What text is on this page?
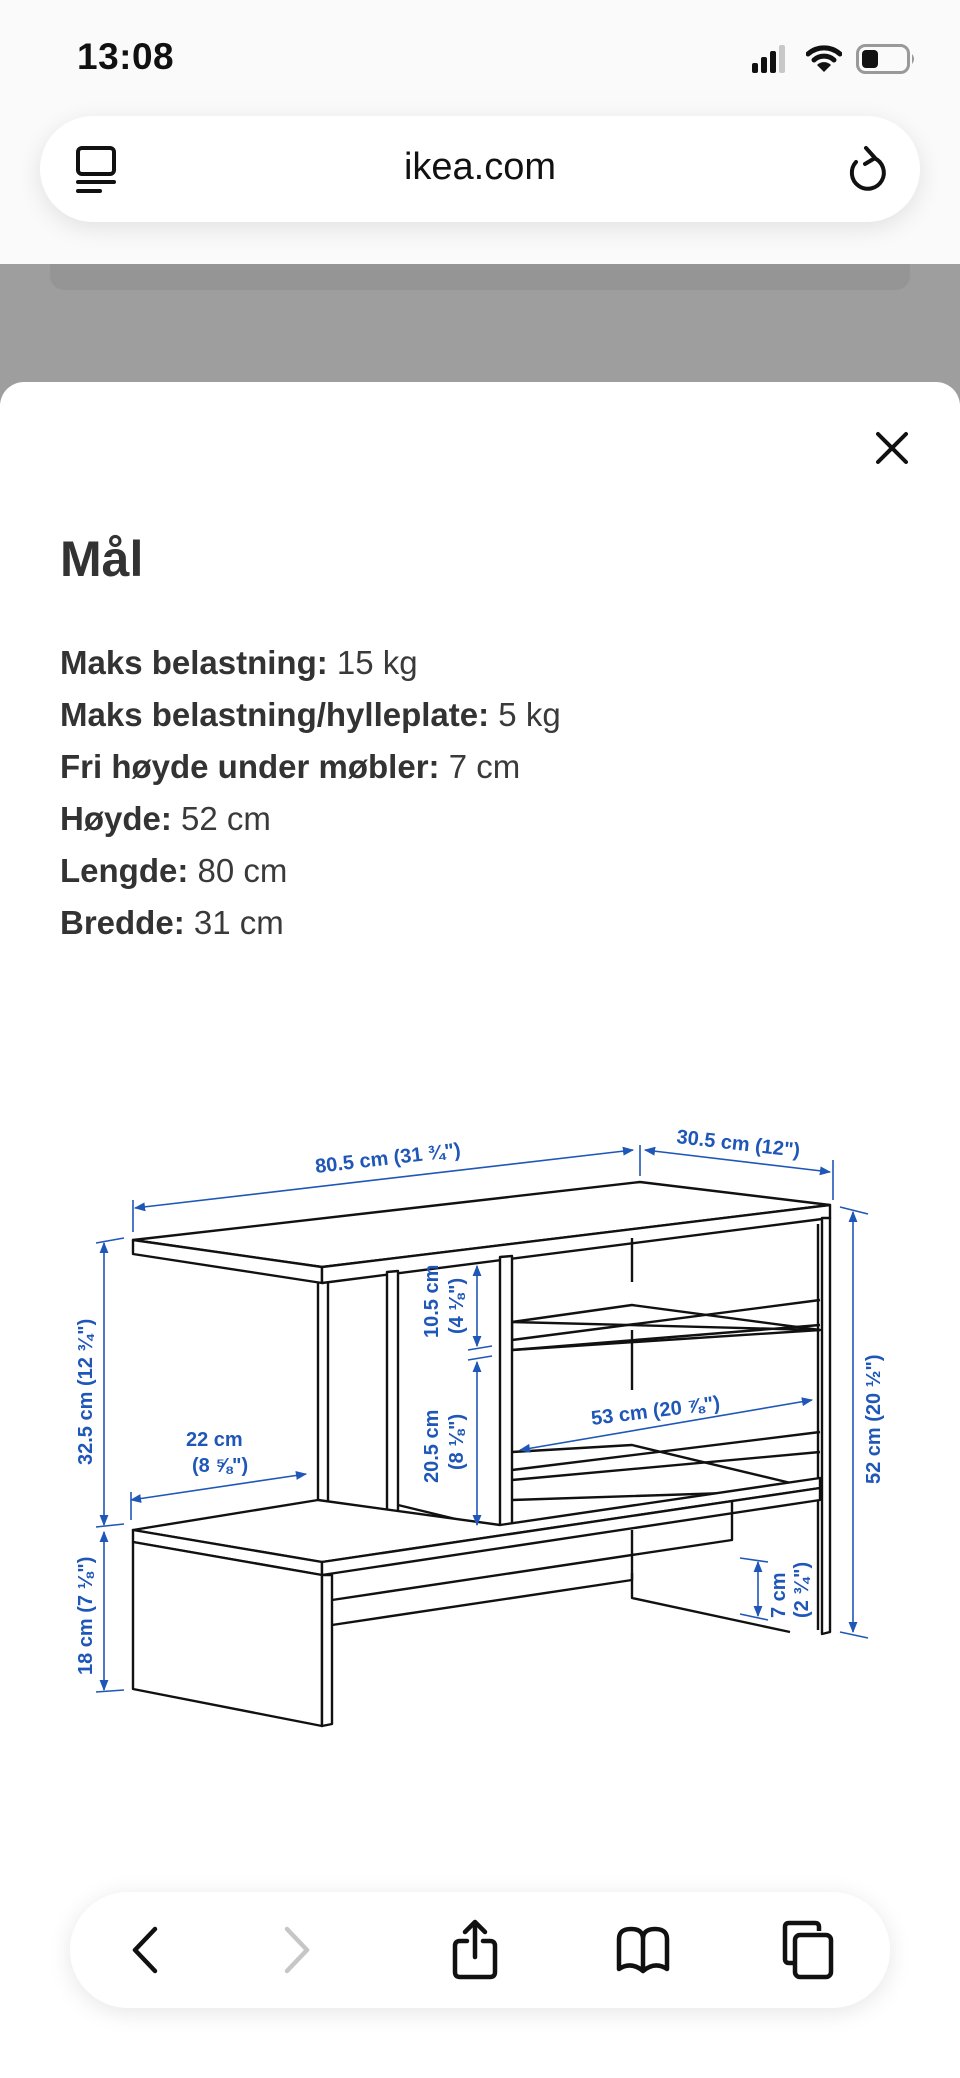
13:08
ikea.com
Mål
Maks belastning: 15 kg
Maks belastning/hylleplate: 5 kg
Fri høyde under møbler: 7 cm
Høyde: 52 cm
Lengde: 80 cm
Bredde: 31 cm
80.5 cm (31 ¾")	30.5 cm (12")
32.5 cm (12 ¾")
18 cm (7 ⅛")
22 cm
(8 ⅝")
10.5 cm (4 ⅛")
20.5 cm (8 ⅛")
53 cm (20 ⅞")
7 cm (2 ¾")
52 cm (20 ½")
